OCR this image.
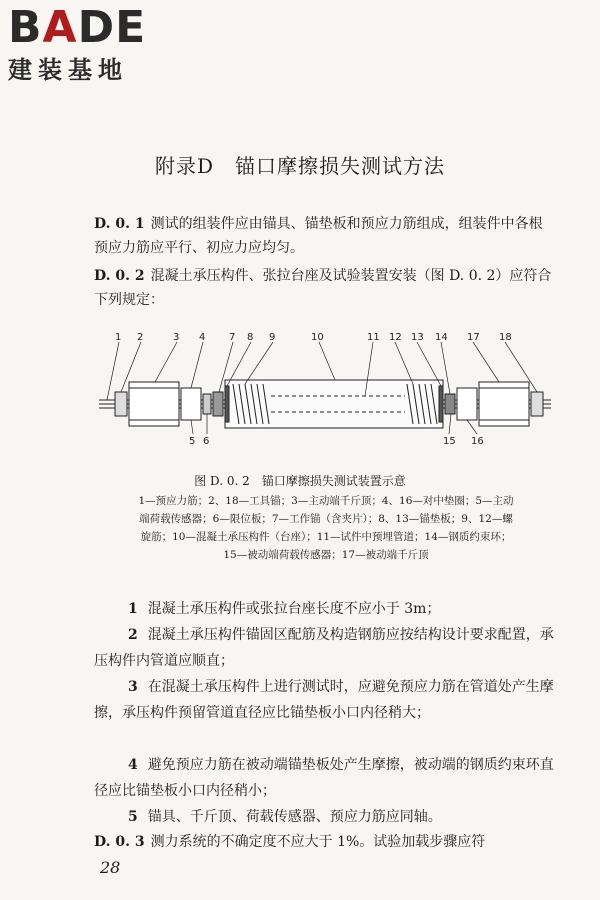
BADE
建装基地
附录D　锚口摩擦损失测试方法
D. 0. 1 测试的组装件应由锚具、锚垫板和预应力筋组成，组装件中各根预应力筋应平行、初应力应均匀。
D. 0. 2 混凝土承压构件、张拉台座及试验装置安装（图 D. 0. 2）应符合下列规定：
1 2	3 4
5 6
7 8 9	10	11 12 13 14
15 16
17 18
图 D. 0. 2　锚口摩擦损失测试装置示意
1—预应力筋；2、18—工具锚；3—主动端千斤顶；4、16—对中垫圈；5—主动
端荷载传感器；6—限位板；7—工作锚（含夹片）；8、13—锚垫板；9、12—螺
旋筋；10—混凝土承压构件（台座）；11—试件中预埋管道；14—钢质约束环；
15—被动端荷载传感器；17—被动端千斤顶
1 混凝土承压构件或张拉台座长度不应小于 3m；
2 混凝土承压构件锚固区配筋及构造钢筋应按结构设计要求配置，承压构件内管道应顺直；
3 在混凝土承压构件上进行测试时，应避免预应力筋在管道处产生摩擦，承压构件预留管道直径应比锚垫板小口内径稍大；
4 避免预应力筋在被动端锚垫板处产生摩擦，被动端的钢质约束环直径应比锚垫板小口内径稍小；
5 锚具、千斤顶、荷载传感器、预应力筋应同轴。
D. 0. 3 测力系统的不确定度不应大于 1%。试验加载步骤应符
28
